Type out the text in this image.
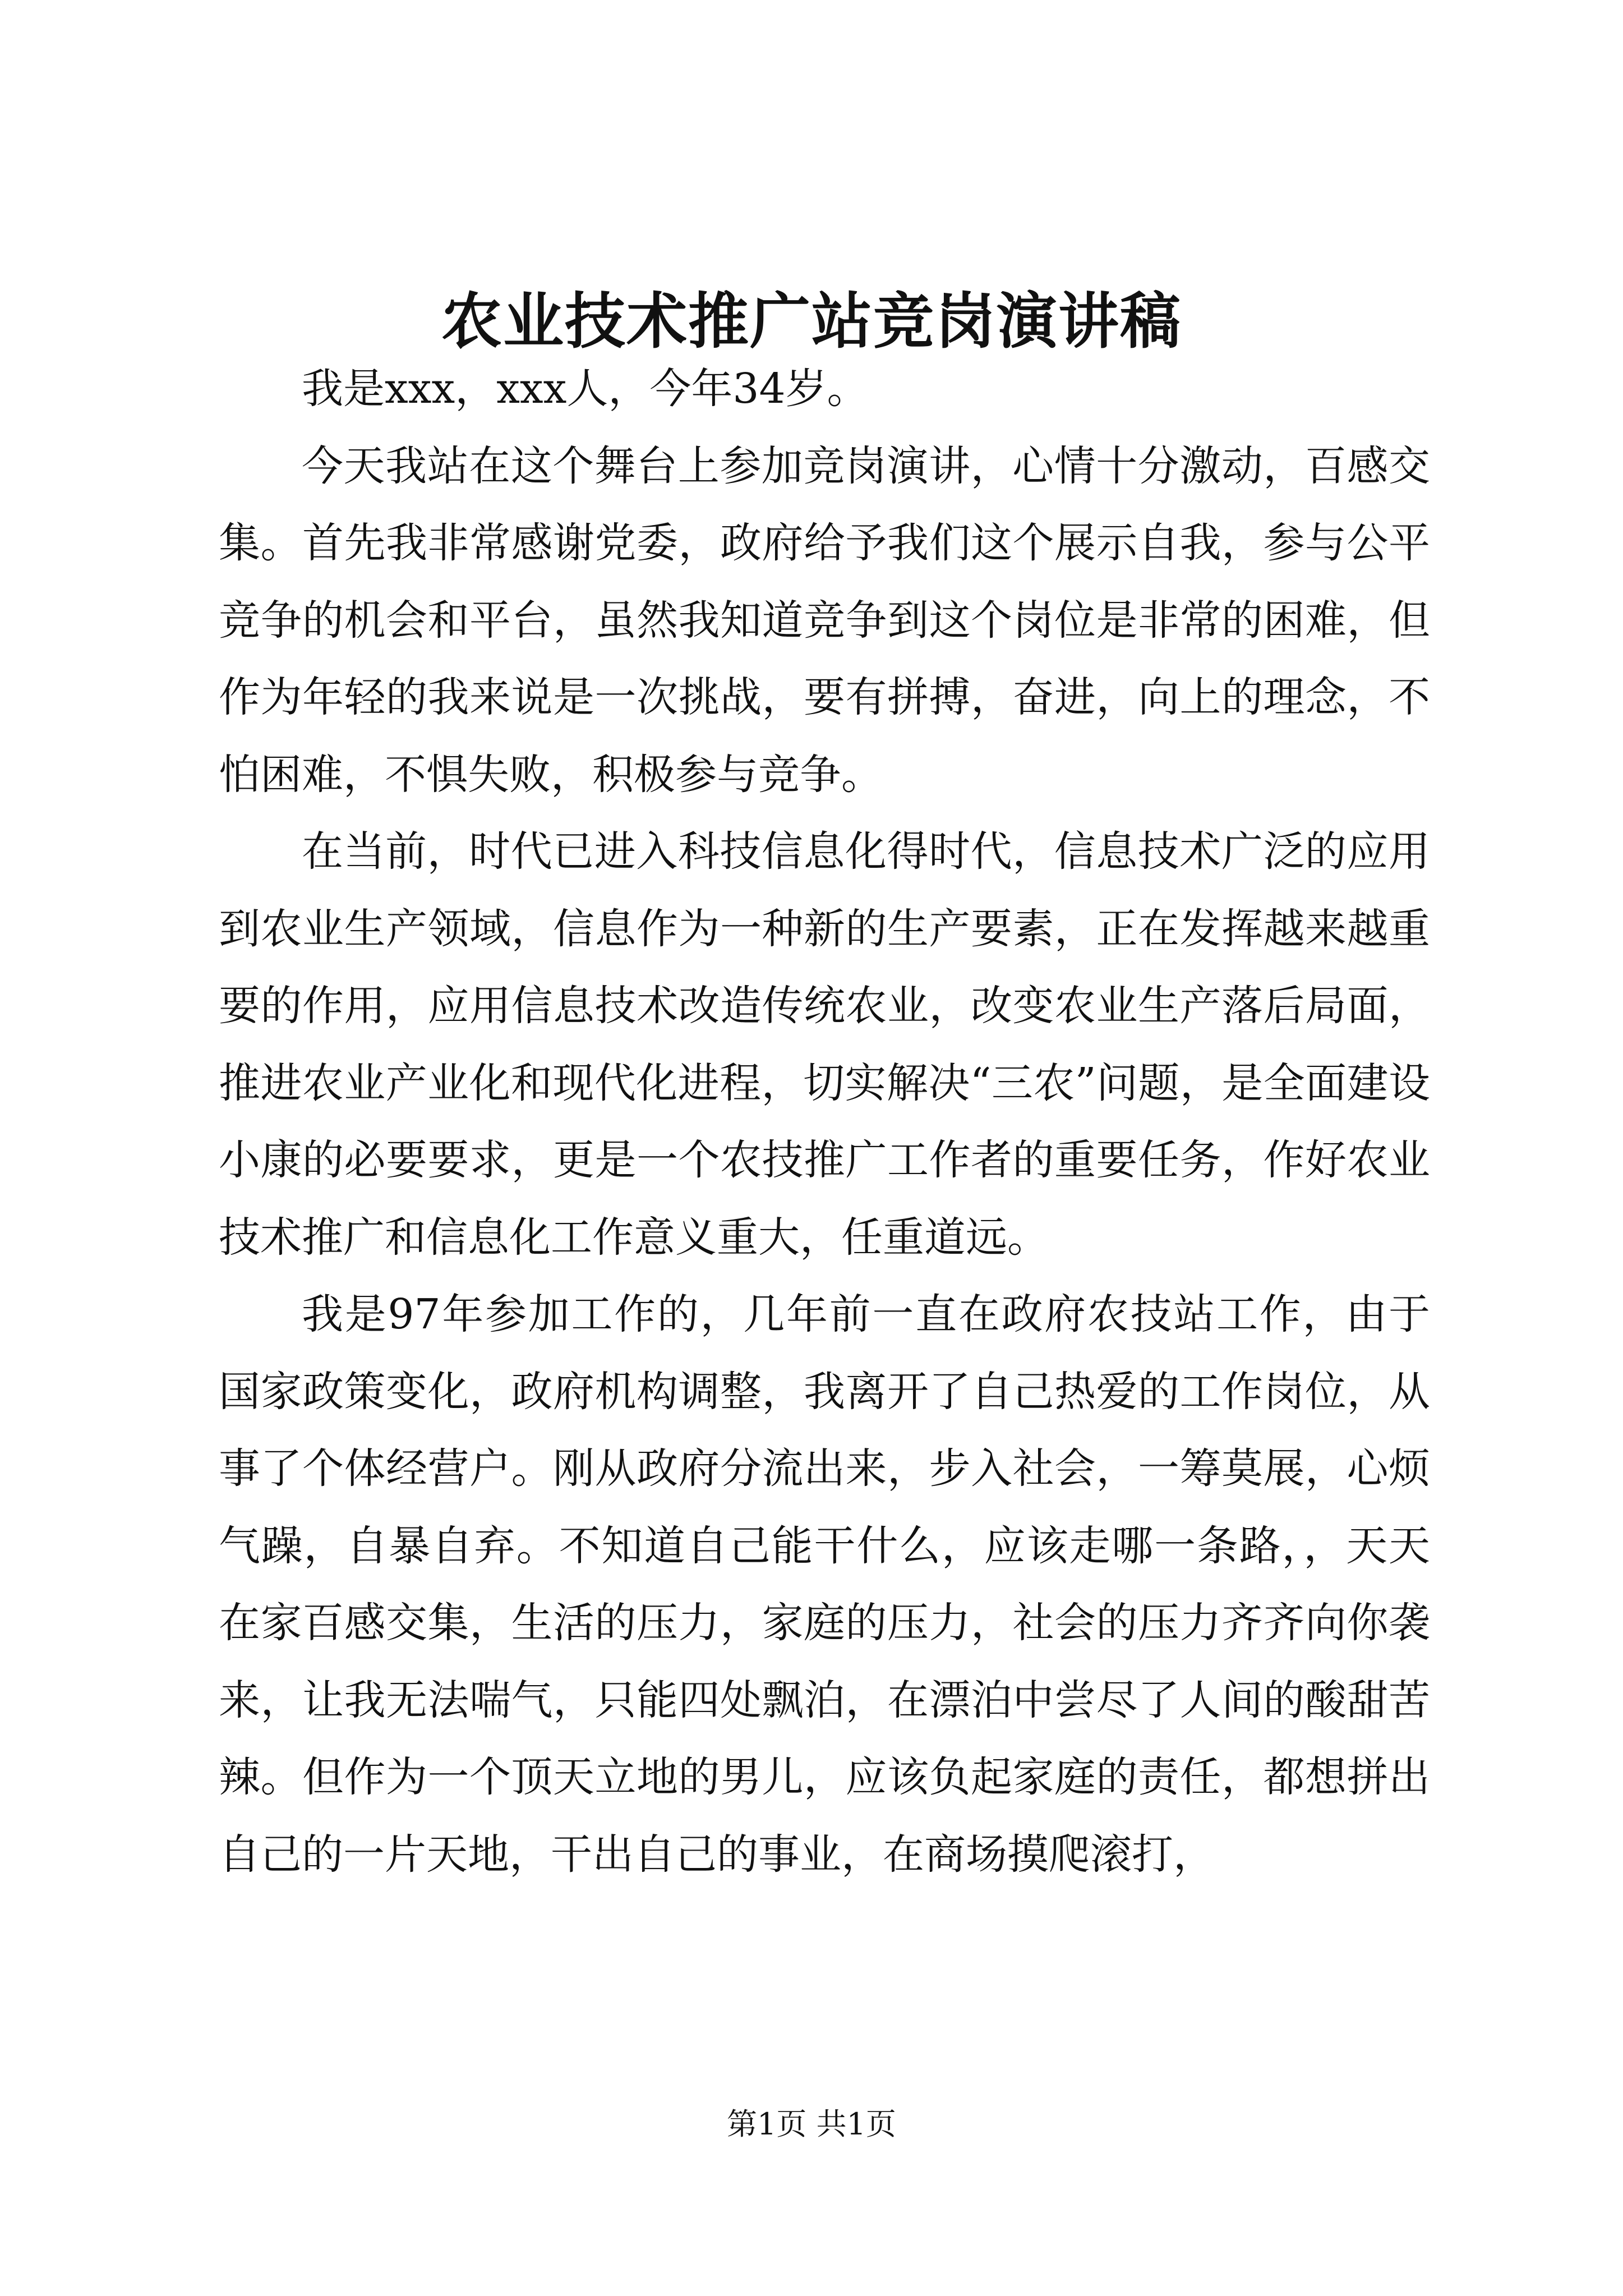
农业技术推广站竞岗演讲稿

我是xxx，xxx人，今年34岁。

今天我站在这个舞台上参加竞岗演讲，心情十分激动，百感交集。首先我非常感谢党委，政府给予我们这个展示自我，参与公平竞争的机会和平台，虽然我知道竞争到这个岗位是非常的困难，但作为年轻的我来说是一次挑战，要有拼搏，奋进，向上的理念，不怕困难，不惧失败，积极参与竞争。

在当前，时代已进入科技信息化得时代，信息技术广泛的应用到农业生产领域，信息作为一种新的生产要素，正在发挥越来越重要的作用，应用信息技术改造传统农业，改变农业生产落后局面，推进农业产业化和现代化进程，切实解决“三农”问题，是全面建设小康的必要要求，更是一个农技推广工作者的重要任务，作好农业技术推广和信息化工作意义重大，任重道远。

我是97年参加工作的，几年前一直在政府农技站工作，由于国家政策变化，政府机构调整，我离开了自己热爱的工作岗位，从事了个体经营户。刚从政府分流出来，步入社会，一筹莫展，心烦气躁，自暴自弃。不知道自己能干什么，应该走哪一条路，，天天在家百感交集，生活的压力，家庭的压力，社会的压力齐齐向你袭来，让我无法喘气，只能四处飘泊，在漂泊中尝尽了人间的酸甜苦辣。但作为一个顶天立地的男儿，应该负起家庭的责任，都想拼出自己的一片天地，干出自己的事业，在商场摸爬滚打，

第1页 共1页
